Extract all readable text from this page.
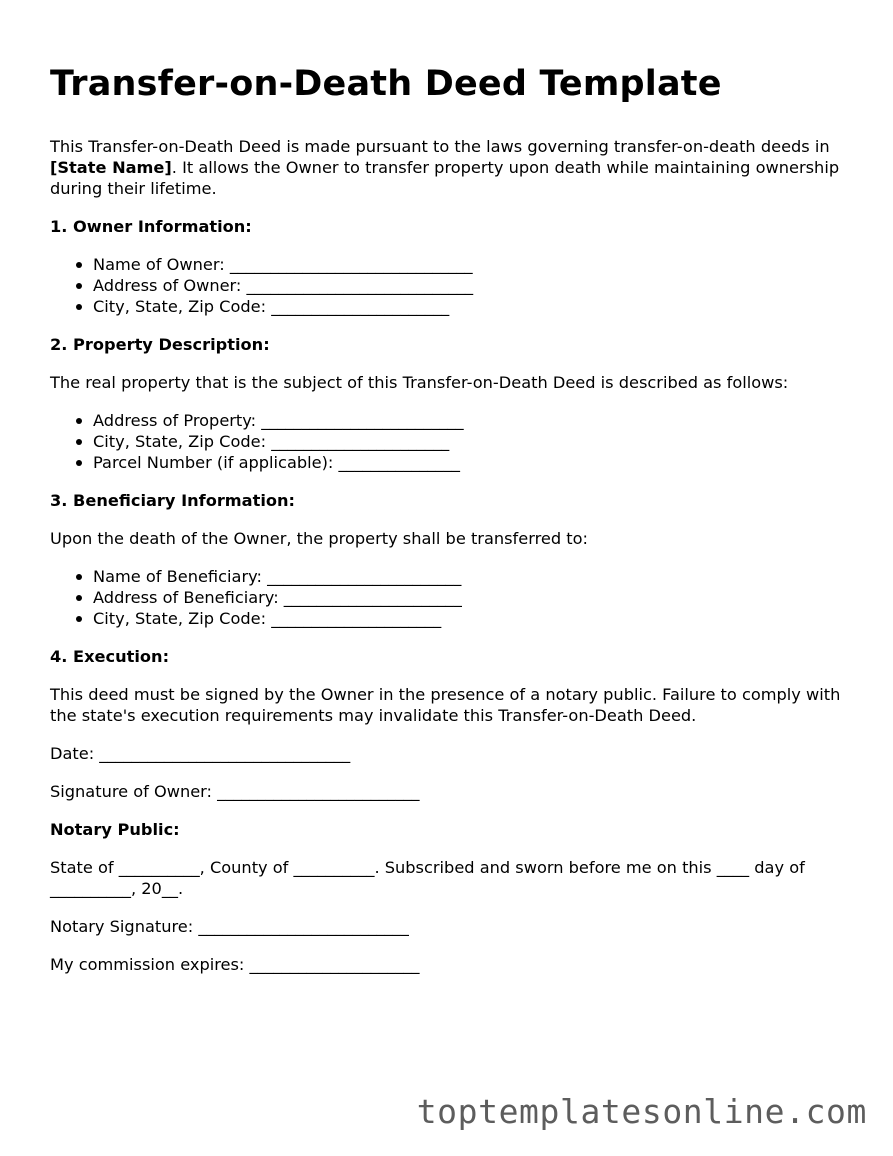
Transfer-on-Death Deed Template

This Transfer-on-Death Deed is made pursuant to the laws governing transfer-on-death deeds in [State Name]. It allows the Owner to transfer property upon death while maintaining ownership during their lifetime.

1. Owner Information:
Name of Owner: ______________________________
Address of Owner: ____________________________
City, State, Zip Code: ______________________
2. Property Description:

The real property that is the subject of this Transfer-on-Death Deed is described as follows:

Address of Property: _________________________
City, State, Zip Code: ______________________
Parcel Number (if applicable): _______________
3. Beneficiary Information:

Upon the death of the Owner, the property shall be transferred to:

Name of Beneficiary: ________________________
Address of Beneficiary: ______________________
City, State, Zip Code: _____________________
4. Execution:

This deed must be signed by the Owner in the presence of a notary public. Failure to comply with the state's execution requirements may invalidate this Transfer-on-Death Deed.

Date: _______________________________

Signature of Owner: _________________________

Notary Public:

State of __________, County of __________. Subscribed and sworn before me on this ____ day of __________, 20__.

Notary Signature: __________________________

My commission expires: _____________________

toptemplatesonline.com
